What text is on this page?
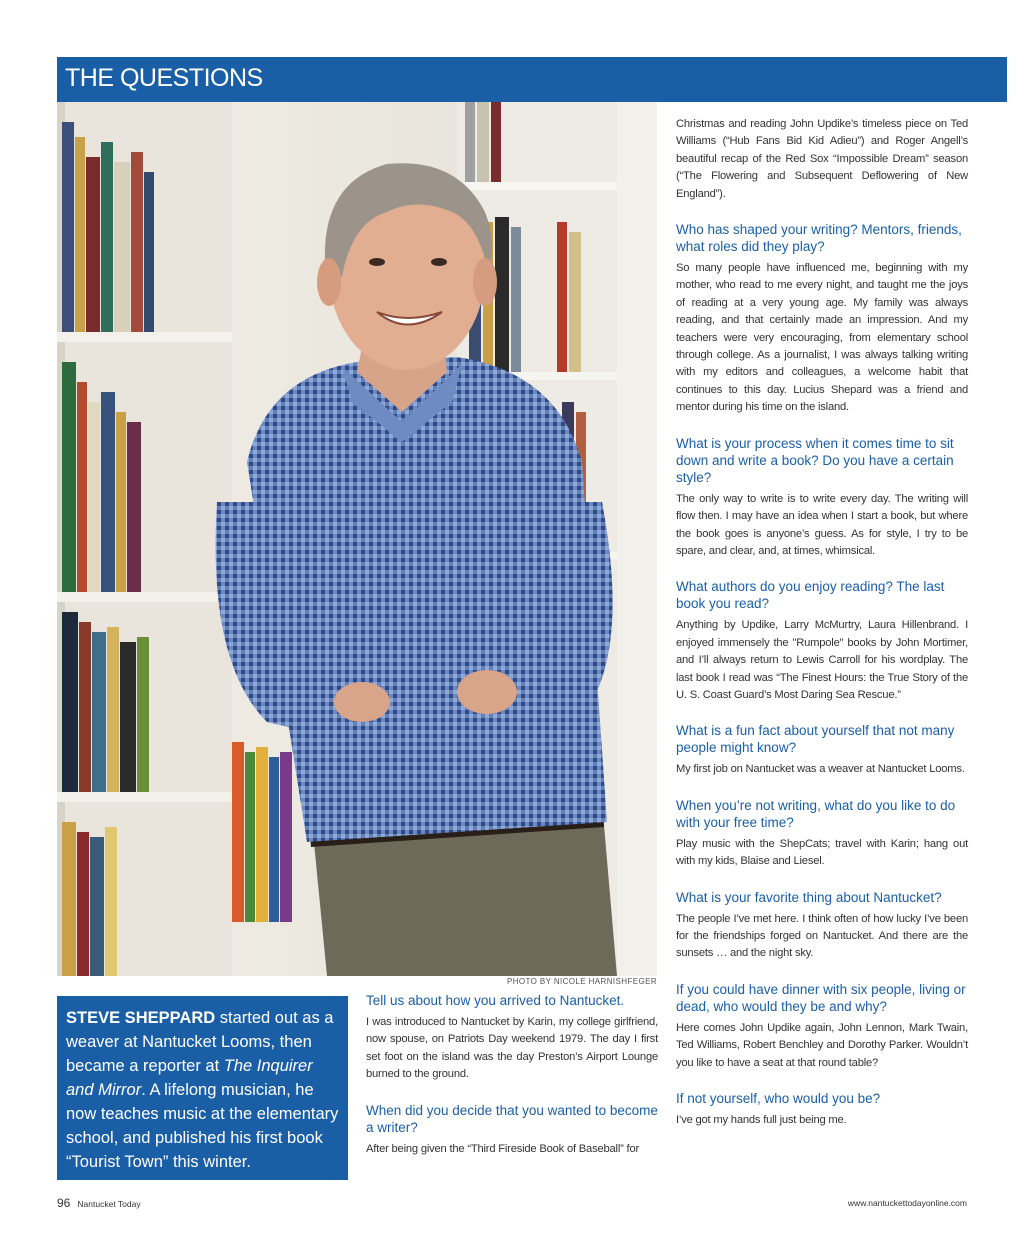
THE QUESTIONS
PHOTO BY NICOLE HARNISHFEGER

STEVE SHEPPARD started out as a weaver at Nantucket Looms, then became a reporter at The Inquirer and Mirror. A lifelong musician, he now teaches music at the elementary school, and published his first book “Tourist Town” this winter.

Tell us about how you arrived to Nantucket.
I was introduced to Nantucket by Karin, my college girlfriend, now spouse, on Patriots Day weekend 1979. The day I first set foot on the island was the day Preston’s Airport Lounge burned to the ground.
When did you decide that you wanted to become a writer?
After being given the “Third Fireside Book of Baseball” for
Christmas and reading John Updike’s timeless piece on Ted Williams (“Hub Fans Bid Kid Adieu”) and Roger Angell’s beautiful recap of the Red Sox “Impossible Dream” season (“The Flowering and Subsequent Deflowering of New England”).
Who has shaped your writing? Mentors, friends, what roles did they play?
So many people have influenced me, beginning with my mother, who read to me every night, and taught me the joys of reading at a very young age. My family was always reading, and that certainly made an impression. And my teachers were very encouraging, from elementary school through college. As a journalist, I was always talking writing with my editors and colleagues, a welcome habit that continues to this day. Lucius Shepard was a friend and mentor during his time on the island.
What is your process when it comes time to sit down and write a book? Do you have a certain style?
The only way to write is to write every day. The writing will flow then. I may have an idea when I start a book, but where the book goes is anyone’s guess. As for style, I try to be spare, and clear, and, at times, whimsical.
What authors do you enjoy reading? The last book you read?
Anything by Updike, Larry McMurtry, Laura Hillenbrand. I enjoyed immensely the "Rumpole" books by John Mortimer, and I’ll always return to Lewis Carroll for his wordplay. The last book I read was “The Finest Hours: the True Story of the U. S. Coast Guard’s Most Daring Sea Rescue.”
What is a fun fact about yourself that not many people might know?
My first job on Nantucket was a weaver at Nantucket Looms.
When you’re not writing, what do you like to do with your free time?
Play music with the ShepCats; travel with Karin; hang out with my kids, Blaise and Liesel.
What is your favorite thing about Nantucket?
The people I’ve met here. I think often of how lucky I’ve been for the friendships forged on Nantucket. And there are the sunsets … and the night sky.
If you could have dinner with six people, living or dead, who would they be and why?
Here comes John Updike again, John Lennon, Mark Twain, Ted Williams, Robert Benchley and Dorothy Parker. Wouldn’t you like to have a seat at that round table?
If not yourself, who would you be?
I’ve got my hands full just being me.
96 Nantucket Today	www.nantuckettodayonline.com
